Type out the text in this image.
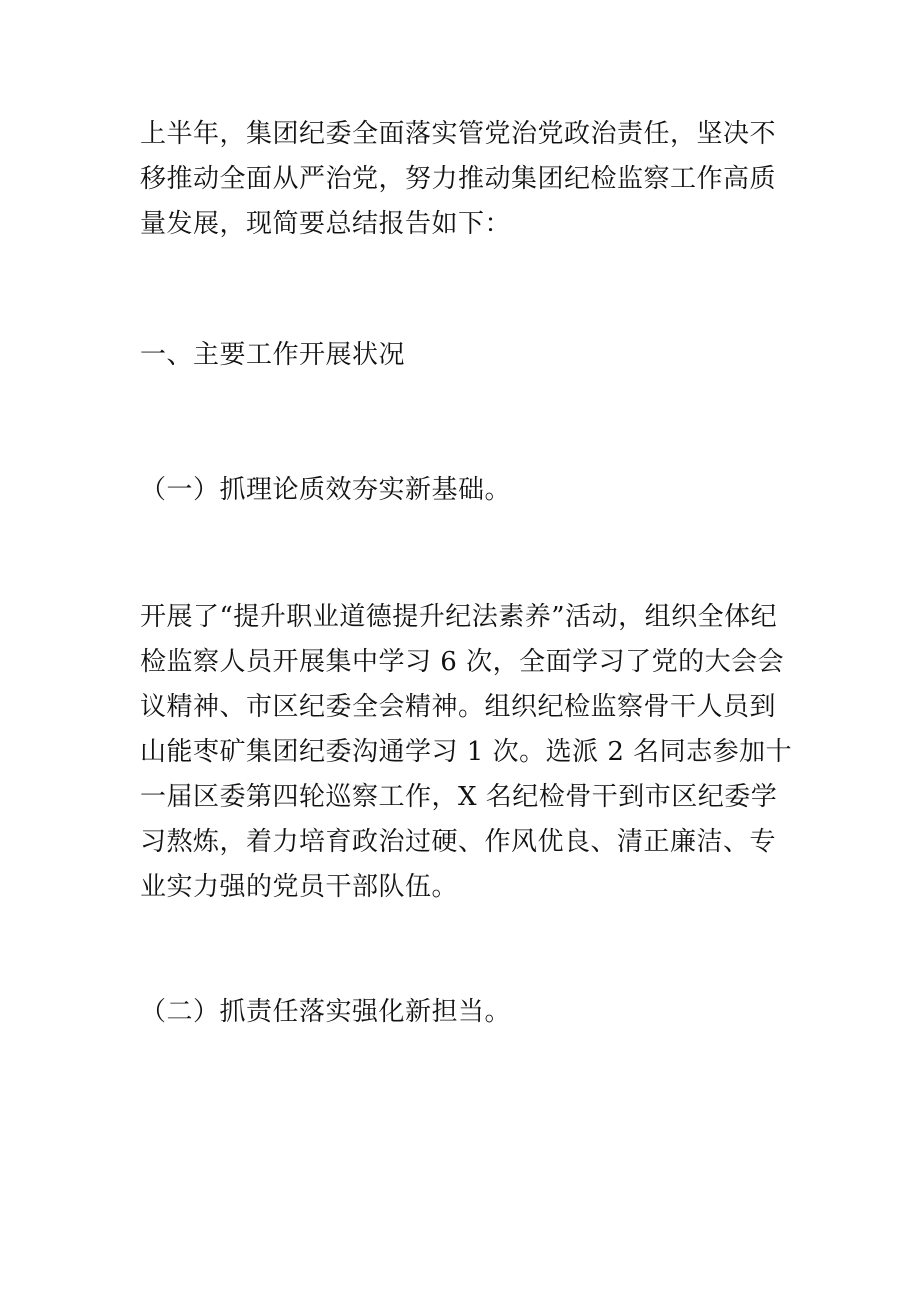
上半年，集团纪委全面落实管党治党政治责任，坚决不移推动全面从严治党，努力推动集团纪检监察工作高质量发展，现简要总结报告如下：

一、主要工作开展状况

（一）抓理论质效夯实新基础。

开展了“提升职业道德提升纪法素养”活动，组织全体纪检监察人员开展集中学习 6 次，全面学习了党的大会会议精神、市区纪委全会精神。组织纪检监察骨干人员到山能枣矿集团纪委沟通学习 1 次。选派 2 名同志参加十一届区委第四轮巡察工作，X 名纪检骨干到市区纪委学习熬炼，着力培育政治过硬、作风优良、清正廉洁、专业实力强的党员干部队伍。

（二）抓责任落实强化新担当。
